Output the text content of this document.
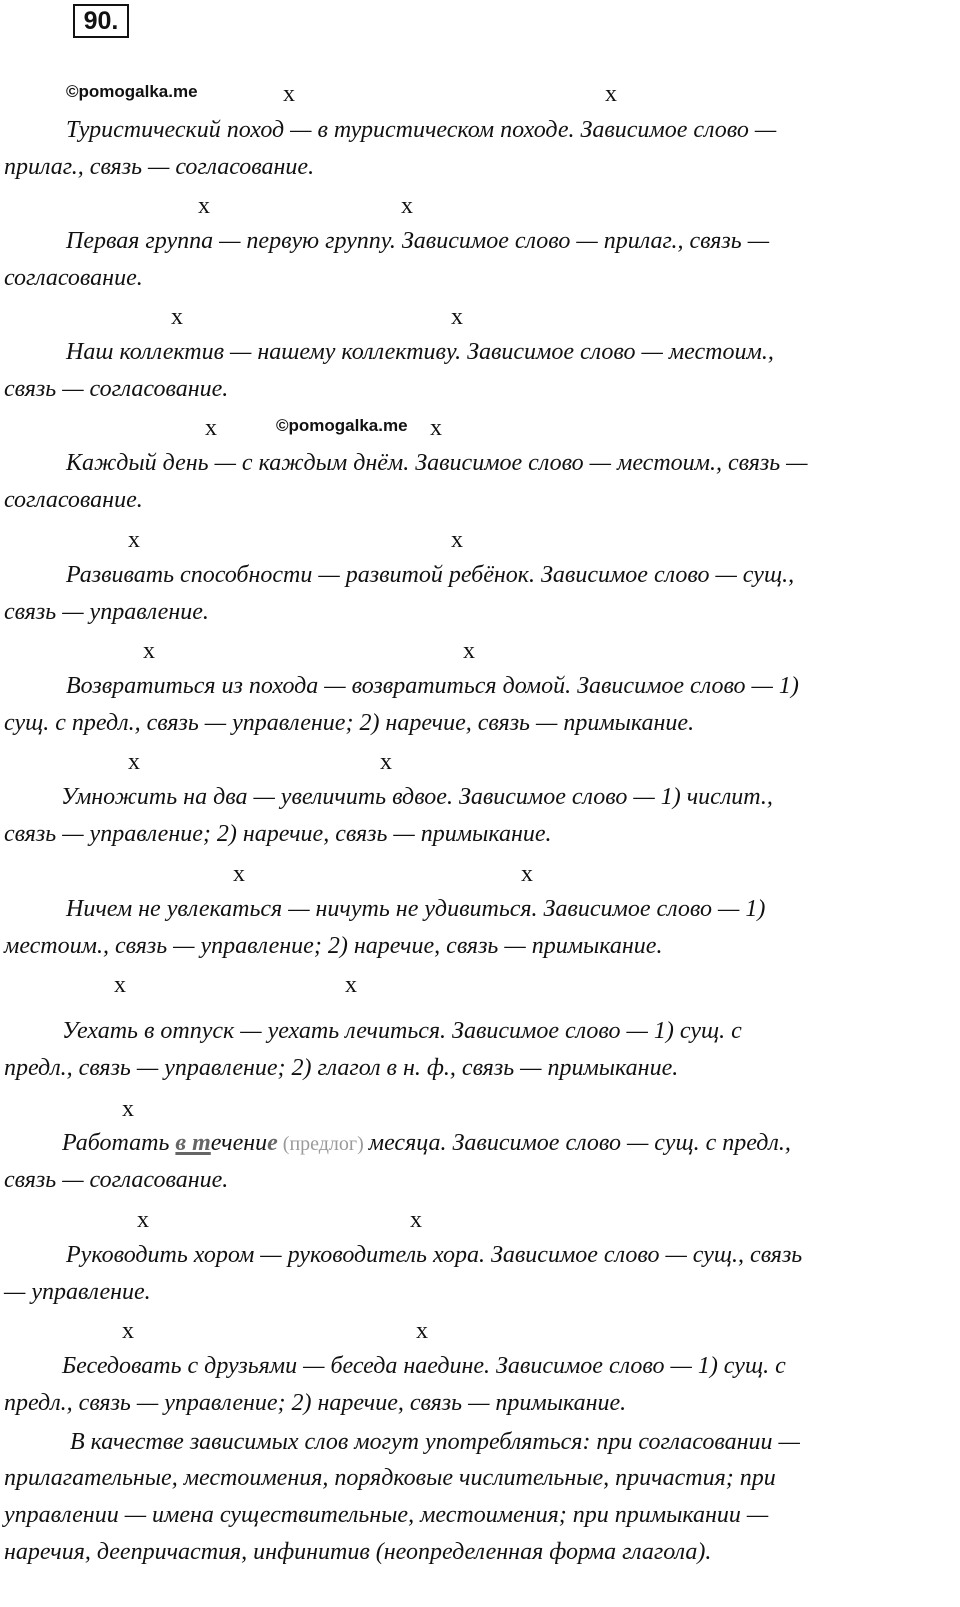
90.
©pomogalka.me
©pomogalka.me
x	x
Туристический поход — в туристическом походе. Зависимое слово —
прилаг., связь — согласование.
x	x
Первая группа — первую группу. Зависимое слово — прилаг., связь —
согласование.
x	x
Наш коллектив — нашему коллективу. Зависимое слово — местоим.,
связь — согласование.
x	x
Каждый день — с каждым днём. Зависимое слово — местоим., связь —
согласование.
x	x
Развивать способности — развитой ребёнок. Зависимое слово — сущ.,
связь — управление.
x	x
Возвратиться из похода — возвратиться домой. Зависимое слово — 1)
сущ. с предл., связь — управление; 2) наречие, связь — примыкание.
x	x
Умножить на два — увеличить вдвое. Зависимое слово — 1) числит.,
связь — управление; 2) наречие, связь — примыкание.
x	x
Ничем не увлекаться — ничуть не удивиться. Зависимое слово — 1)
местоим., связь — управление; 2) наречие, связь — примыкание.
x	x
Уехать в отпуск — уехать лечиться. Зависимое слово — 1) сущ. с
предл., связь — управление; 2) глагол в н. ф., связь — примыкание.
x
Работать в течение (предлог) месяца. Зависимое слово — сущ. с предл.,
связь — согласование.
x	x
Руководить хором — руководитель хора. Зависимое слово — сущ., связь
— управление.
x	x
Беседовать с друзьями — беседа наедине. Зависимое слово — 1) сущ. с
предл., связь — управление; 2) наречие, связь — примыкание.
В качестве зависимых слов могут употребляться: при согласовании —
прилагательные, местоимения, порядковые числительные, причастия; при
управлении — имена существительные, местоимения; при примыкании —
наречия, деепричастия, инфинитив (неопределенная форма глагола).
